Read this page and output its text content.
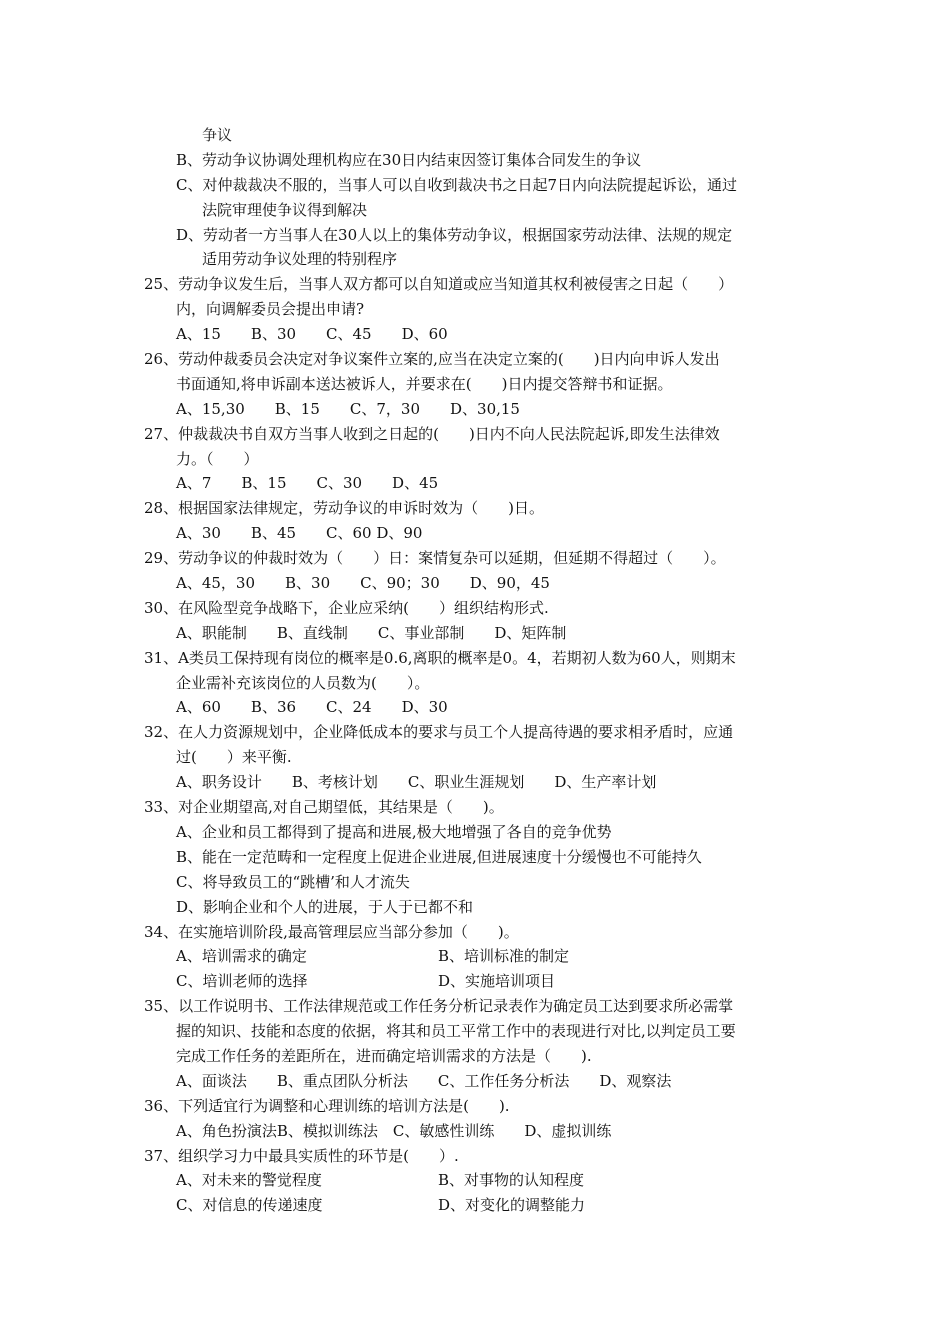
争议
B、劳动争议协调处理机构应在30日内结束因签订集体合同发生的争议
C、对仲裁裁决不服的，当事人可以自收到裁决书之日起7日内向法院提起诉讼，通过
法院审理使争议得到解决
D、劳动者一方当事人在30人以上的集体劳动争议，根据国家劳动法律、法规的规定
适用劳动争议处理的特别程序
25、劳动争议发生后，当事人双方都可以自知道或应当知道其权利被侵害之日起（　　）
内，向调解委员会提出申请?
A、15　　B、30　　C、45　　D、60
26、劳动仲裁委员会决定对争议案件立案的,应当在决定立案的(　　)日内向申诉人发出
书面通知,将申诉副本送达被诉人，并要求在(　　)日内提交答辩书和证据。
A、15,30　　B、15　　C、7，30　　D、30,15
27、仲裁裁决书自双方当事人收到之日起的(　　)日内不向人民法院起诉,即发生法律效
力。（　　）
A、7　　B、15　　C、30　　D、45
28、根据国家法律规定，劳动争议的申诉时效为（　　)日。
A、30　　B、45　　C、60 D、90
29、劳动争议的仲裁时效为（　　）日：案情复杂可以延期，但延期不得超过（　　）。
A、45，30　　B、30　　C、90；30　　D、90，45
30、在风险型竞争战略下，企业应采纳(　　）组织结构形式.
A、职能制　　B、直线制　　C、事业部制　　D、矩阵制
31、A类员工保持现有岗位的概率是0.6,离职的概率是0。4，若期初人数为60人，则期末
企业需补充该岗位的人员数为(　　）。
A、60　　B、36　　C、24　　D、30
32、在人力资源规划中，企业降低成本的要求与员工个人提高待遇的要求相矛盾时，应通
过(　　）来平衡.
A、职务设计　　B、考核计划　　C、职业生涯规划　　D、生产率计划
33、对企业期望高,对自己期望低，其结果是（　　)。
A、企业和员工都得到了提高和进展,极大地增强了各自的竞争优势
B、能在一定范畴和一定程度上促进企业进展,但进展速度十分缓慢也不可能持久
C、将导致员工的“跳槽’和人才流失
D、影响企业和个人的进展，于人于已都不和
34、在实施培训阶段,最高管理层应当部分参加（　　)。
A、培训需求的确定	B、培训标准的制定
C、培训老师的选择	D、实施培训项目
35、以工作说明书、工作法律规范或工作任务分析记录表作为确定员工达到要求所必需掌
握的知识、技能和态度的依据，将其和员工平常工作中的表现进行对比,以判定员工要
完成工作任务的差距所在，进而确定培训需求的方法是（　　).
A、面谈法　　B、重点团队分析法　　C、工作任务分析法　　D、观察法
36、下列适宜行为调整和心理训练的培训方法是(　　).
A、角色扮演法B、模拟训练法　C、敏感性训练　　D、虚拟训练
37、组织学习力中最具实质性的环节是(　　）.
A、对未来的警觉程度	B、对事物的认知程度
C、对信息的传递速度	D、对变化的调整能力
